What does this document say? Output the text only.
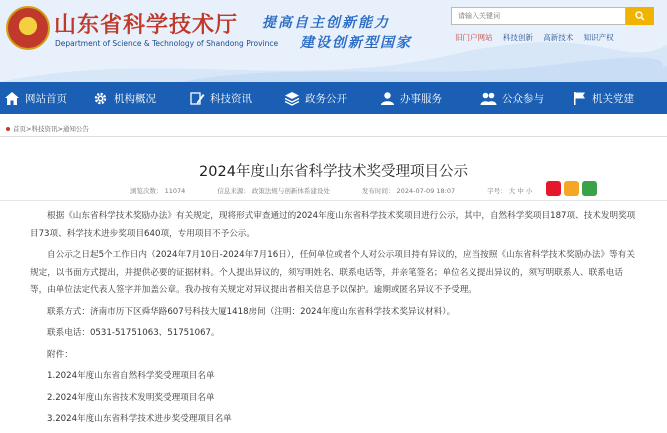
山东省科学技术厅
Department of Science & Technology of Shandong Province
提高自主创新能力
建设创新型国家
请输入关键词	旧门户网站 科技创新 高新技术 知识产权
网站首页	机构概况	科技资讯	政务公开	办事服务	公众参与	机关党建
首页 > 科技资讯 > 通知公告
2024年度山东省科学技术奖受理项目公示
浏览次数： 11074	信息来源： 政策法规与创新体系建设处	发布时间： 2024-07-09 18:07	字号： 大 中 小

根据《山东省科学技术奖励办法》有关规定，现将形式审查通过的2024年度山东省科学技术奖项目进行公示，其中，自然科学奖项目187项、技术发明奖项目73项、科学技术进步奖项目640项，专用项目不予公示。

自公示之日起5个工作日内（2024年7月10日-2024年7月16日），任何单位或者个人对公示项目持有异议的，应当按照《山东省科学技术奖励办法》等有关规定，以书面方式提出，并提供必要的证据材料。个人提出异议的，须写明姓名、联系电话等，并亲笔签名；单位名义提出异议的，须写明联系人、联系电话等，由单位法定代表人签字并加盖公章。我办按有关规定对异议提出者相关信息予以保护。逾期或匿名异议不予受理。

联系方式：济南市历下区舜华路607号科技大厦1418房间（注明：2024年度山东省科学技术奖异议材料）。

联系电话：0531-51751063、51751067。

附件：

1.2024年度山东省自然科学奖受理项目名单

2.2024年度山东省技术发明奖受理项目名单

3.2024年度山东省科学技术进步奖受理项目名单
